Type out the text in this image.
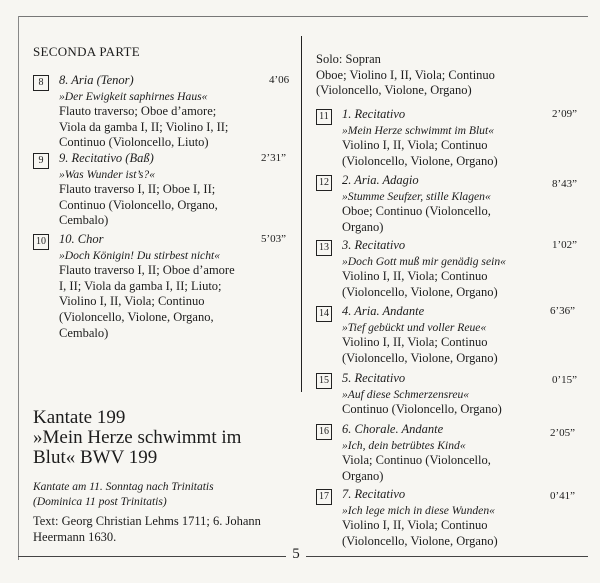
5
SECONDA PARTE
8	8. Aria (Tenor)
»Der Ewigkeit saphirnes Haus«
Flauto traverso; Oboe d’amore;
Viola da gamba I, II; Violino I, II;
Continuo (Violoncello, Liuto)
4’06
9	9. Recitativo (Baß)
»Was Wunder ist’s?«
Flauto traverso I, II; Oboe I, II;
Continuo (Violoncello, Organo,
Cembalo)
2’31”
10 10. Chor
»Doch Königin! Du stirbest nicht«
Flauto traverso I, II; Oboe d’amore
I, II; Viola da gamba I, II; Liuto;
Violino I, II, Viola; Continuo
(Violoncello, Violone, Organo,
Cembalo)
5’03”
Kantate 199
»Mein Herze schwimmt im
Blut« BWV 199
Kantate am 11. Sonntag nach Trinitatis
(Dominica 11 post Trinitatis)
Text: Georg Christian Lehms 1711; 6. Johann
Heermann 1630.
Solo: Sopran
Oboe; Violino I, II, Viola; Continuo
(Violoncello, Violone, Organo)
11 1. Recitativo
»Mein Herze schwimmt im Blut«
Violino I, II, Viola; Continuo
(Violoncello, Violone, Organo)
2’09”
12 2. Aria. Adagio
»Stumme Seufzer, stille Klagen«
Oboe; Continuo (Violoncello,
Organo)
8’43”
13 3. Recitativo
»Doch Gott muß mir genädig sein«
Violino I, II, Viola; Continuo
(Violoncello, Violone, Organo)
1’02”
14 4. Aria. Andante
»Tief gebückt und voller Reue«
Violino I, II, Viola; Continuo
(Violoncello, Violone, Organo)
6’36”
15 5. Recitativo
»Auf diese Schmerzensreu«
Continuo (Violoncello, Organo)
0’15”
16 6. Chorale. Andante
»Ich, dein betrübtes Kind«
Viola; Continuo (Violoncello,
Organo)
2’05”
17 7. Recitativo
»Ich lege mich in diese Wunden«
Violino I, II, Viola; Continuo
(Violoncello, Violone, Organo)
0’41”
